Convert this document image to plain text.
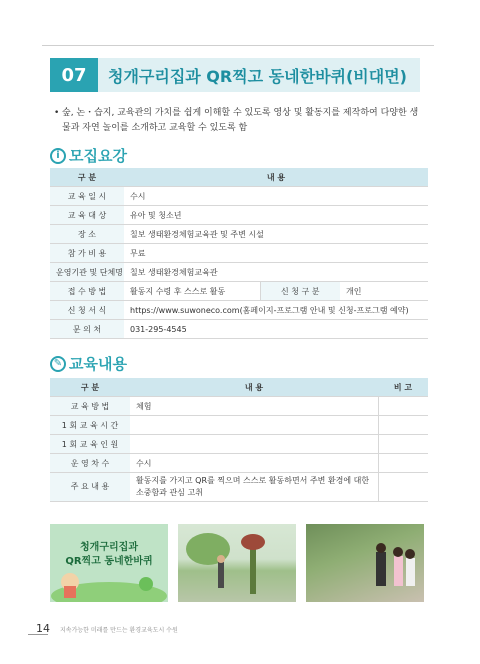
07	청개구리집과 QR찍고 동네한바퀴(비대면)
• 숲, 논・습지, 교육관의 가치를 쉽게 이해할 수 있도록 영상 및 활동지를 제작하여 다양한 생물과 자연 놀이를 소개하고 교육할 수 있도록 함
i 모집요강
구 분	내 용		
교 육 일 시	수시		
교 육 대 상	유아 및 청소년		
장 소	칠보 생태환경체험교육관 및 주변 시설		
참 가 비 용	무료		
운영기관 및 단체명	칠보 생태환경체험교육관		
접 수 방 법	활동지 수령 후 스스로 활동	신 청 구 분	개인
신 청 서 식	https://www.suwoneco.com(홈페이지-프로그램 안내 및 신청-프로그램 예약)		
문 의 처	031-295-4545		
✎ 교육내용
구 분	내 용	비 고
교 육 방 법	체험	
1 회 교 육 시 간		
1 회 교 육 인 원		
운 영 차 수	수시	
주 요 내 용	활동지를 가지고 QR를 찍으며 스스로 활동하면서 주변 환경에 대한 소중함과 관심 고취	
청개구리집과
QR찍고 동네한바퀴
14 지속가능한 미래를 만드는 환경교육도시 수원
